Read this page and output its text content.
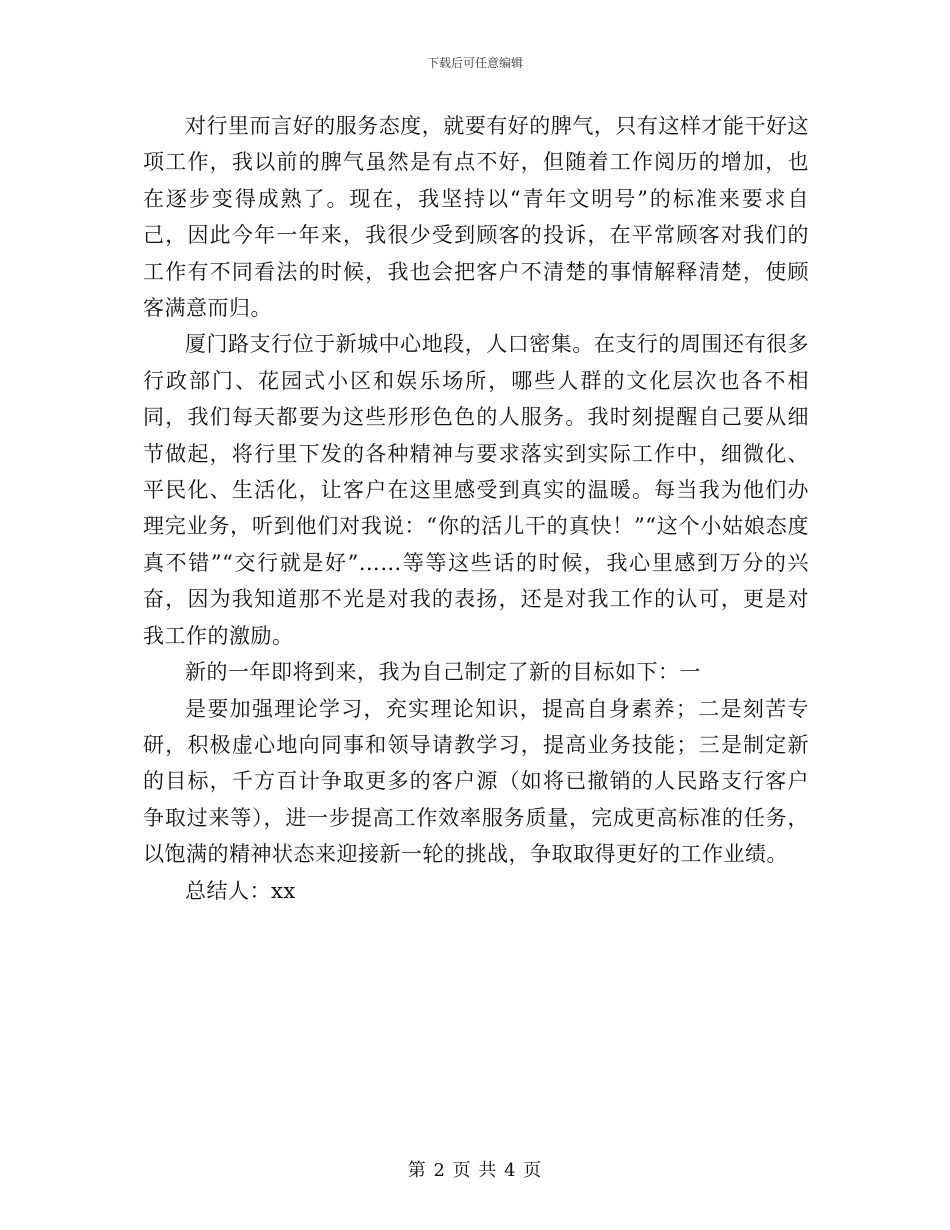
下载后可任意编辑

对行里而言好的服务态度，就要有好的脾气，只有这样才能干好这项工作，我以前的脾气虽然是有点不好，但随着工作阅历的增加，也在逐步变得成熟了。现在，我坚持以“青年文明号”的标准来要求自己，因此今年一年来，我很少受到顾客的投诉，在平常顾客对我们的工作有不同看法的时候，我也会把客户不清楚的事情解释清楚，使顾客满意而归。

厦门路支行位于新城中心地段，人口密集。在支行的周围还有很多行政部门、花园式小区和娱乐场所，哪些人群的文化层次也各不相同，我们每天都要为这些形形色色的人服务。我时刻提醒自己要从细节做起，将行里下发的各种精神与要求落实到实际工作中，细微化、平民化、生活化，让客户在这里感受到真实的温暖。每当我为他们办理完业务，听到他们对我说：“你的活儿干的真快！”“这个小姑娘态度真不错”“交行就是好”……等等这些话的时候，我心里感到万分的兴奋，因为我知道那不光是对我的表扬，还是对我工作的认可，更是对我工作的激励。

新的一年即将到来，我为自己制定了新的目标如下：一

是要加强理论学习，充实理论知识，提高自身素养；二是刻苦专研，积极虚心地向同事和领导请教学习，提高业务技能；三是制定新的目标，千方百计争取更多的客户源（如将已撤销的人民路支行客户争取过来等），进一步提高工作效率服务质量，完成更高标准的任务，以饱满的精神状态来迎接新一轮的挑战，争取取得更好的工作业绩。

总结人：xx

第 2 页 共 4 页
